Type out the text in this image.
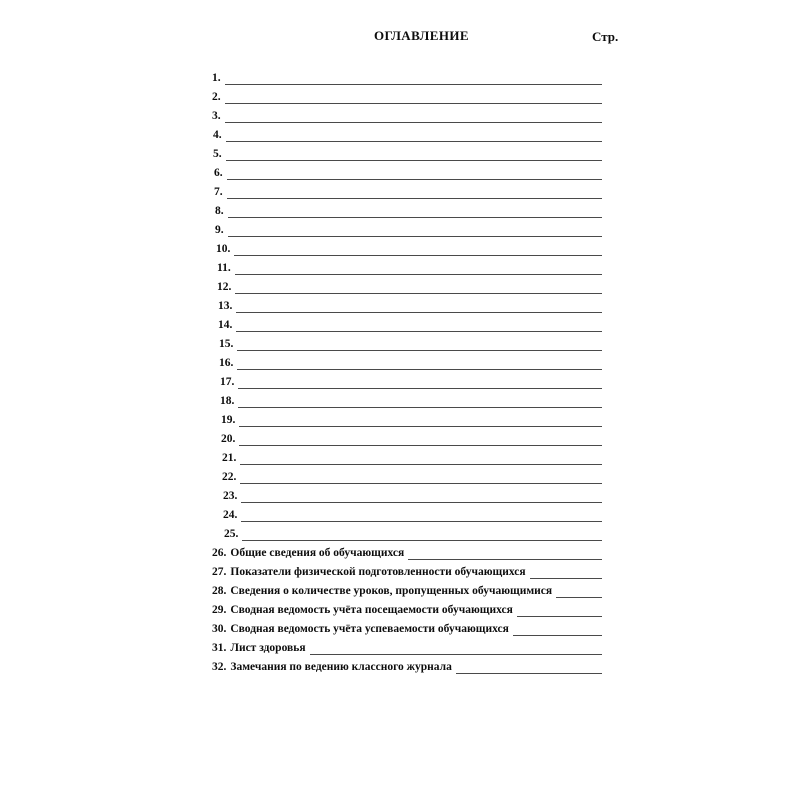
ОГЛАВЛЕНИЕ	Стр.
1.
2.
3.
4.
5.
6.
7.
8.
9.
10.
11.
12.
13.
14.
15.
16.
17.
18.
19.
20.
21.
22.
23.
24.
25.
26. Общие сведения об обучающихся
27. Показатели физической подготовленности обучающихся
28. Сведения о количестве уроков, пропущенных обучающимися
29. Сводная ведомость учёта посещаемости обучающихся
30. Сводная ведомость учёта успеваемости обучающихся
31. Лист здоровья
32. Замечания по ведению классного журнала
